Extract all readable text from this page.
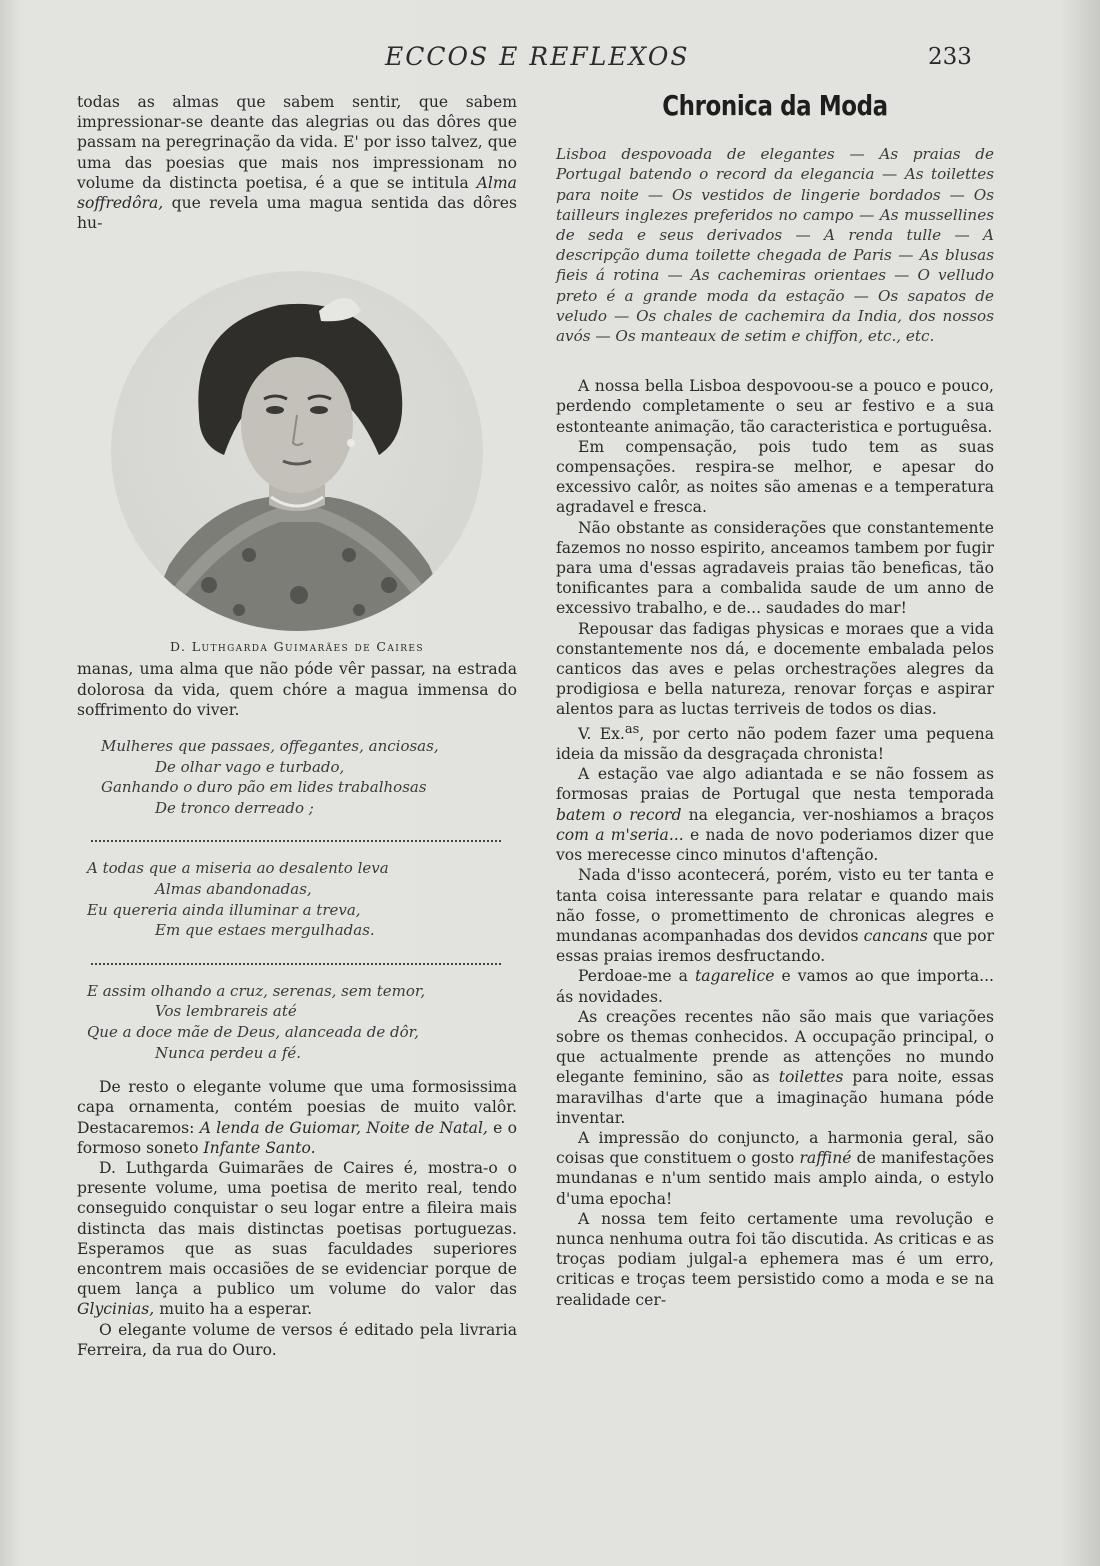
ECCOS E REFLEXOS	233

todas as almas que sabem sentir, que sabem impressionar-se deante das alegrias ou das dôres que passam na peregrinação da vida. E' por isso talvez, que uma das poesias que mais nos impressionam no volume da distincta poetisa, é a que se intitula Alma soffredôra, que revela uma magua sentida das dôres hu-

D. Luthgarda Guimarães de Caires

manas, uma alma que não póde vêr passar, na estrada dolorosa da vida, quem chóre a magua immensa do soffrimento do viver.

Mulheres que passaes, offegantes, anciosas,
De olhar vago e turbado,
Ganhando o duro pão em lides trabalhosas
De tronco derreado ;
A todas que a miseria ao desalento leva
Almas abandonadas,
Eu quereria ainda illuminar a treva,
Em que estaes mergulhadas.
E assim olhando a cruz, serenas, sem temor,
Vos lembrareis até
Que a doce mãe de Deus, alanceada de dôr,
Nunca perdeu a fé.

De resto o elegante volume que uma formosissima capa ornamenta, contém poesias de muito valôr. Destacaremos: A lenda de Guiomar, Noite de Natal, e o formoso soneto Infante Santo.

D. Luthgarda Guimarães de Caires é, mostra-o o presente volume, uma poetisa de merito real, tendo conseguido conquistar o seu logar entre a fileira mais distincta das mais distinctas poetisas portuguezas. Esperamos que as suas faculdades superiores encontrem mais occasiões de se evidenciar porque de quem lança a publico um volume do valor das Glycinias, muito ha a esperar.

O elegante volume de versos é editado pela livraria Ferreira, da rua do Ouro.

Chronica da Moda

Lisboa despovoada de elegantes — As praias de Portugal batendo o record da elegancia — As toilettes para noite — Os vestidos de lingerie bordados — Os tailleurs inglezes preferidos no campo — As mussellines de seda e seus derivados — A renda tulle — A descripção duma toilette chegada de Paris — As blusas fieis á rotina — As cachemiras orientaes — O velludo preto é a grande moda da estação — Os sapatos de veludo — Os chales de cachemira da India, dos nossos avós — Os manteaux de setim e chiffon, etc., etc.

A nossa bella Lisboa despovoou-se a pouco e pouco, perdendo completamente o seu ar festivo e a sua estonteante animação, tão caracteristica e portuguêsa.

Em compensação, pois tudo tem as suas compensações. respira-se melhor, e apesar do excessivo calôr, as noites são amenas e a temperatura agradavel e fresca.

Não obstante as considerações que constantemente fazemos no nosso espirito, anceamos tambem por fugir para uma d'essas agradaveis praias tão beneficas, tão tonificantes para a combalida saude de um anno de excessivo trabalho, e de... saudades do mar!

Repousar das fadigas physicas e moraes que a vida constantemente nos dá, e docemente embalada pelos canticos das aves e pelas orchestrações alegres da prodigiosa e bella natureza, renovar forças e aspirar alentos para as luctas terriveis de todos os dias.

V. Ex.$^{as}$, por certo não podem fazer uma pequena ideia da missão da desgraçada chronista!

A estação vae algo adiantada e se não fossem as formosas praias de Portugal que nesta temporada batem o record na elegancia, ver-noshiamos a braços com a m'seria... e nada de novo poderiamos dizer que vos merecesse cinco minutos d'aftenção.

Nada d'isso acontecerá, porém, visto eu ter tanta e tanta coisa interessante para relatar e quando mais não fosse, o promettimento de chronicas alegres e mundanas acompanhadas dos devidos cancans que por essas praias iremos desfructando.

Perdoae-me a tagarelice e vamos ao que importa... ás novidades.

As creações recentes não são mais que variações sobre os themas conhecidos. A occupação principal, o que actualmente prende as attenções no mundo elegante feminino, são as toilettes para noite, essas maravilhas d'arte que a imaginação humana póde inventar.

A impressão do conjuncto, a harmonia geral, são coisas que constituem o gosto raffiné de manifestações mundanas e n'um sentido mais amplo ainda, o estylo d'uma epocha!

A nossa tem feito certamente uma revolução e nunca nenhuma outra foi tão discutida. As criticas e as troças podiam julgal-a ephemera mas é um erro, criticas e troças teem persistido como a moda e se na realidade cer-
